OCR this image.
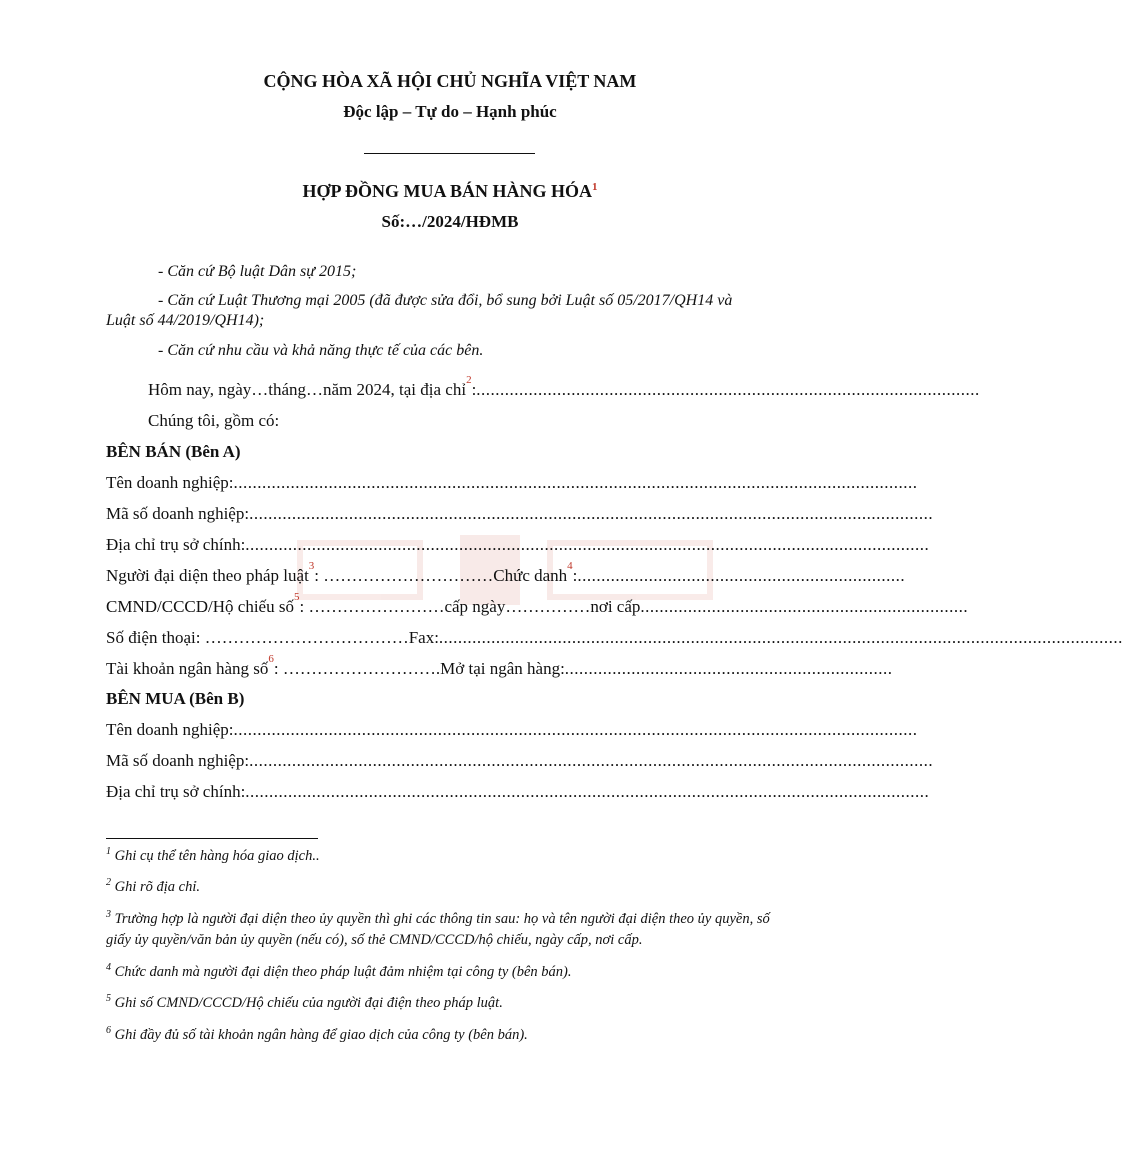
CỘNG HÒA XÃ HỘI CHỦ NGHĨA VIỆT NAM
Độc lập – Tự do – Hạnh phúc
HỢP ĐỒNG MUA BÁN HÀNG HÓA$^1$
Số:…/2024/HĐMB
- Căn cứ Bộ luật Dân sự 2015;
- Căn cứ Luật Thương mại 2005 (đã được sửa đổi, bổ sung bởi Luật số 05/2017/QH14 và
Luật số 44/2019/QH14);
- Căn cứ nhu cầu và khả năng thực tế của các bên.
Hôm nay, ngày…tháng…năm 2024, tại địa chỉ 2 : ..........................................................................................................
Chúng tôi, gồm có:
BÊN BÁN (Bên A)
Tên doanh nghiệp: ................................................................................................................................................
Mã số doanh nghiệp: ................................................................................................................................................
Địa chỉ trụ sở chính: ................................................................................................................................................
Người đại diện theo pháp luật 3 : …………………………Chức danh 4 : .....................................................................
CMND/CCCD/Hộ chiếu số 5 : ……………………cấp ngày……………nơi cấp .....................................................................
Số điện thoại: ………………………………Fax: ................................................................................................................................................
Tài khoản ngân hàng số 6 : ……………………….Mở tại ngân hàng: .....................................................................
BÊN MUA (Bên B)
Tên doanh nghiệp: ................................................................................................................................................
Mã số doanh nghiệp: ................................................................................................................................................
Địa chỉ trụ sở chính: ................................................................................................................................................
$^1$ Ghi cụ thể tên hàng hóa giao dịch..
$^2$ Ghi rõ địa chỉ.
$^3$ Trường hợp là người đại diện theo ủy quyền thì ghi các thông tin sau: họ và tên người đại diện theo ủy quyền, số giấy ủy quyền/văn bản ủy quyền (nếu có), số thẻ CMND/CCCD/hộ chiếu, ngày cấp, nơi cấp.
$^4$ Chức danh mà người đại diện theo pháp luật đảm nhiệm tại công ty (bên bán).
$^5$ Ghi số CMND/CCCD/Hộ chiếu của người đại điện theo pháp luật.
$^6$ Ghi đầy đủ số tài khoản ngân hàng để giao dịch của công ty (bên bán).
